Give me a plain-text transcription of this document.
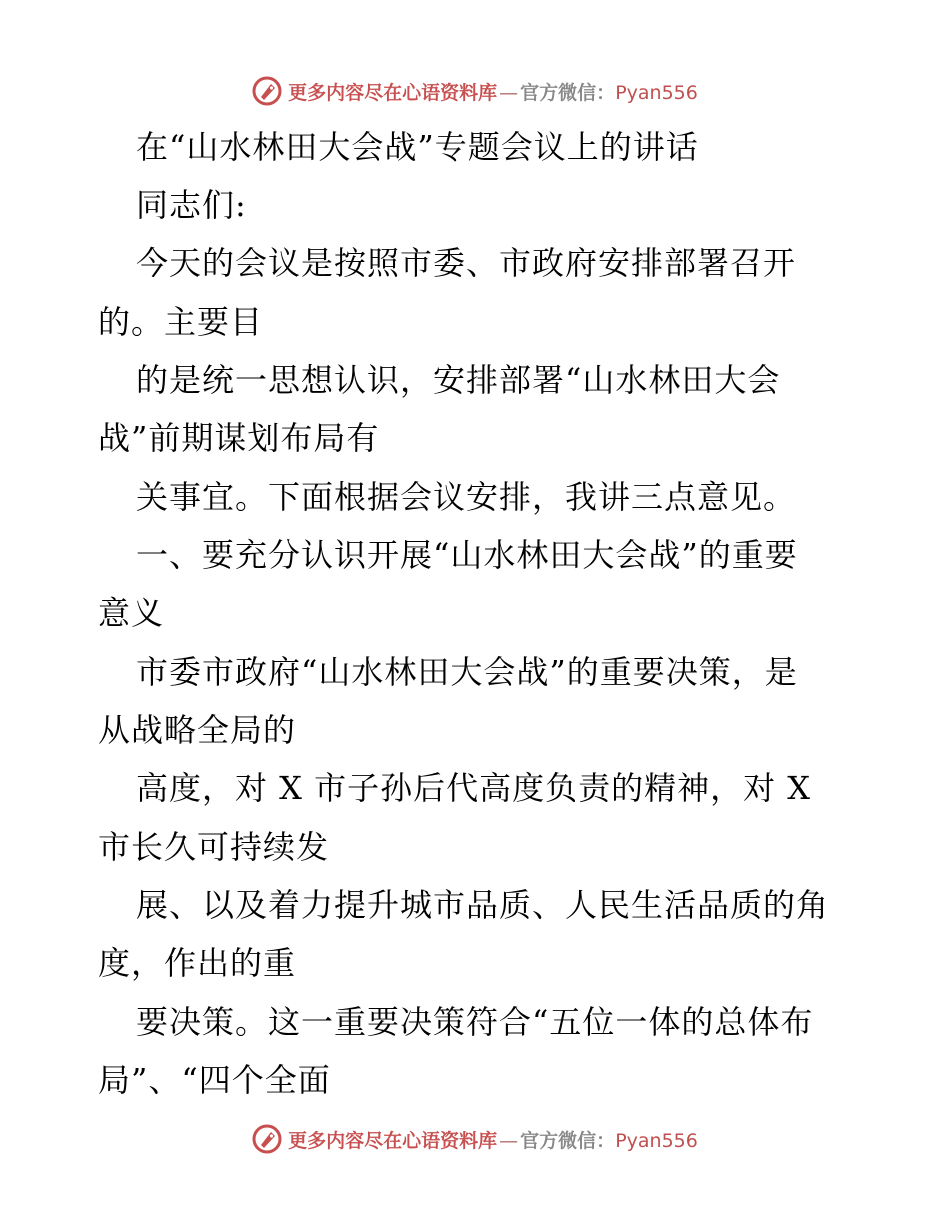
更多内容尽在心语资料库 — 官方微信：Pyan556
在“山水林田大会战”专题会议上的讲话
同志们:
今天的会议是按照市委、市政府安排部署召开
的。主要目
的是统一思想认识，安排部署“山水林田大会
战”前期谋划布局有
关事宜。下面根据会议安排，我讲三点意见。
一、要充分认识开展“山水林田大会战”的重要
意义
市委市政府“山水林田大会战”的重要决策，是
从战略全局的
高度，对 X 市子孙后代高度负责的精神，对 X
市长久可持续发
展、以及着力提升城市品质、人民生活品质的角
度，作出的重
要决策。这一重要决策符合“五位一体的总体布
局”、“四个全面
更多内容尽在心语资料库 — 官方微信：Pyan556
